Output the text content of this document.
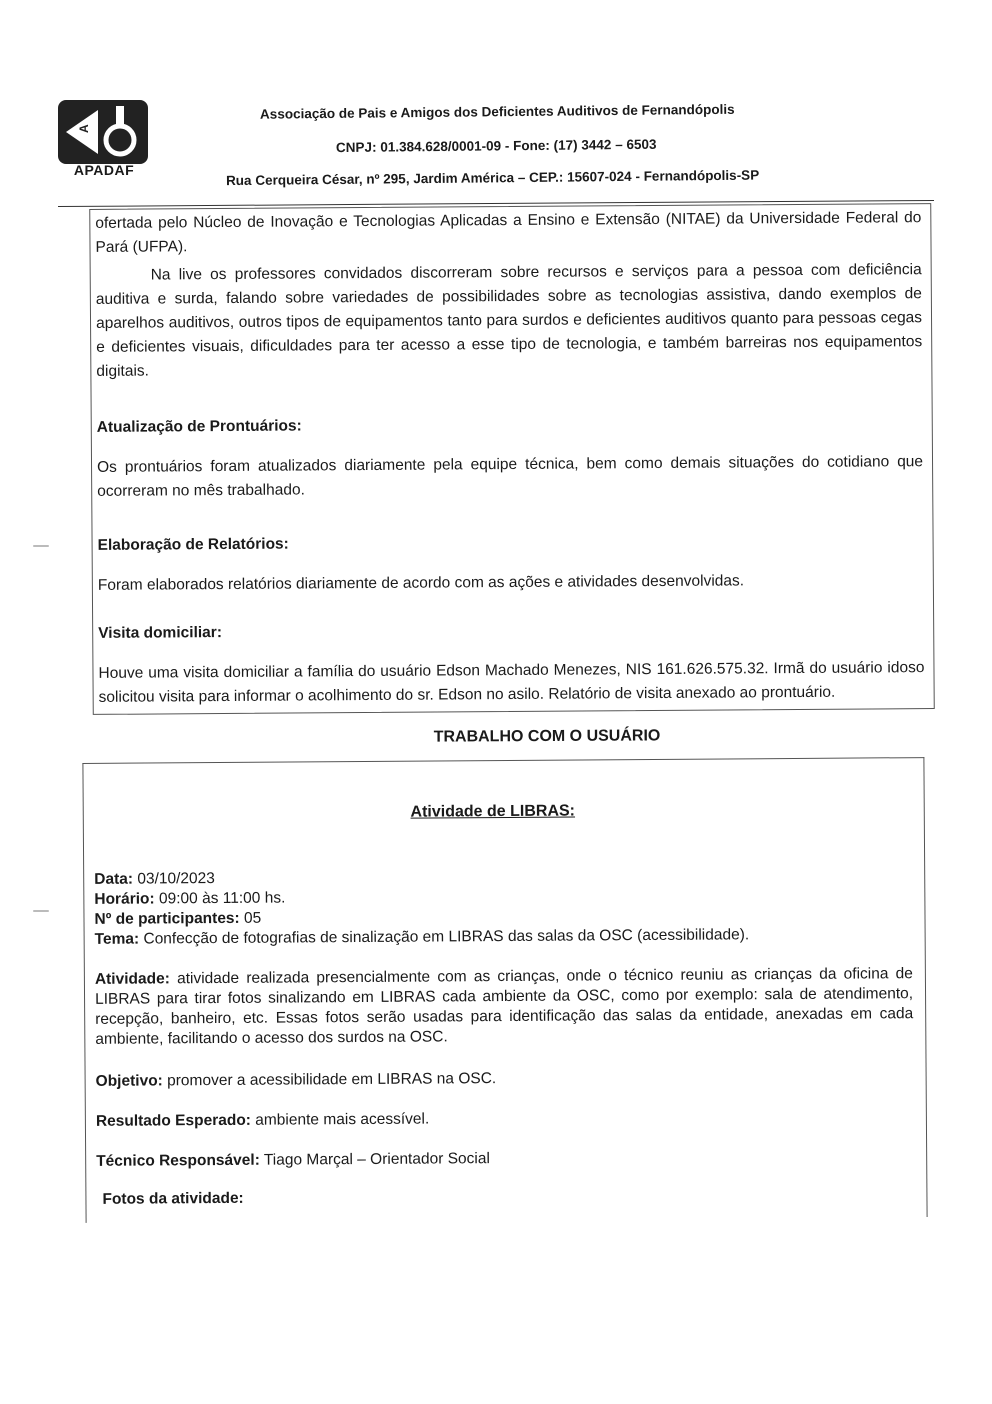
A
APADAF
Associação de Pais e Amigos dos Deficientes Auditivos de Fernandópolis
CNPJ: 01.384.628/0001-09 - Fone: (17) 3442 – 6503
Rua Cerqueira César, nº 295, Jardim América – CEP.: 15607-024 - Fernandópolis-SP

ofertada pelo Núcleo de Inovação e Tecnologias Aplicadas a Ensino e Extensão (NITAE) da Universidade Federal do Pará (UFPA).

Na live os professores convidados discorreram sobre recursos e serviços para a pessoa com deficiência auditiva e surda, falando sobre variedades de possibilidades sobre as tecnologias assistiva, dando exemplos de aparelhos auditivos, outros tipos de equipamentos tanto para surdos e deficientes auditivos quanto para pessoas cegas e deficientes visuais, dificuldades para ter acesso a esse tipo de tecnologia, e também barreiras nos equipamentos digitais.

Atualização de Prontuários:

Os prontuários foram atualizados diariamente pela equipe técnica, bem como demais situações do cotidiano que ocorreram no mês trabalhado.

Elaboração de Relatórios:

Foram elaborados relatórios diariamente de acordo com as ações e atividades desenvolvidas.

Visita domiciliar:

Houve uma visita domiciliar a família do usuário Edson Machado Menezes, NIS 161.626.575.32. Irmã do usuário idoso solicitou visita para informar o acolhimento do sr. Edson no asilo. Relatório de visita anexado ao prontuário.

TRABALHO COM O USUÁRIO
Atividade de LIBRAS:

Data: 03/10/2023

Horário: 09:00 às 11:00 hs.

Nº de participantes: 05

Tema: Confecção de fotografias de sinalização em LIBRAS das salas da OSC (acessibilidade).

Atividade: atividade realizada presencialmente com as crianças, onde o técnico reuniu as crianças da oficina de LIBRAS para tirar fotos sinalizando em LIBRAS cada ambiente da OSC, como por exemplo: sala de atendimento, recepção, banheiro, etc. Essas fotos serão usadas para identificação das salas da entidade, anexadas em cada ambiente, facilitando o acesso dos surdos na OSC.

Objetivo: promover a acessibilidade em LIBRAS na OSC.

Resultado Esperado: ambiente mais acessível.

Técnico Responsável: Tiago Marçal – Orientador Social

Fotos da atividade:
